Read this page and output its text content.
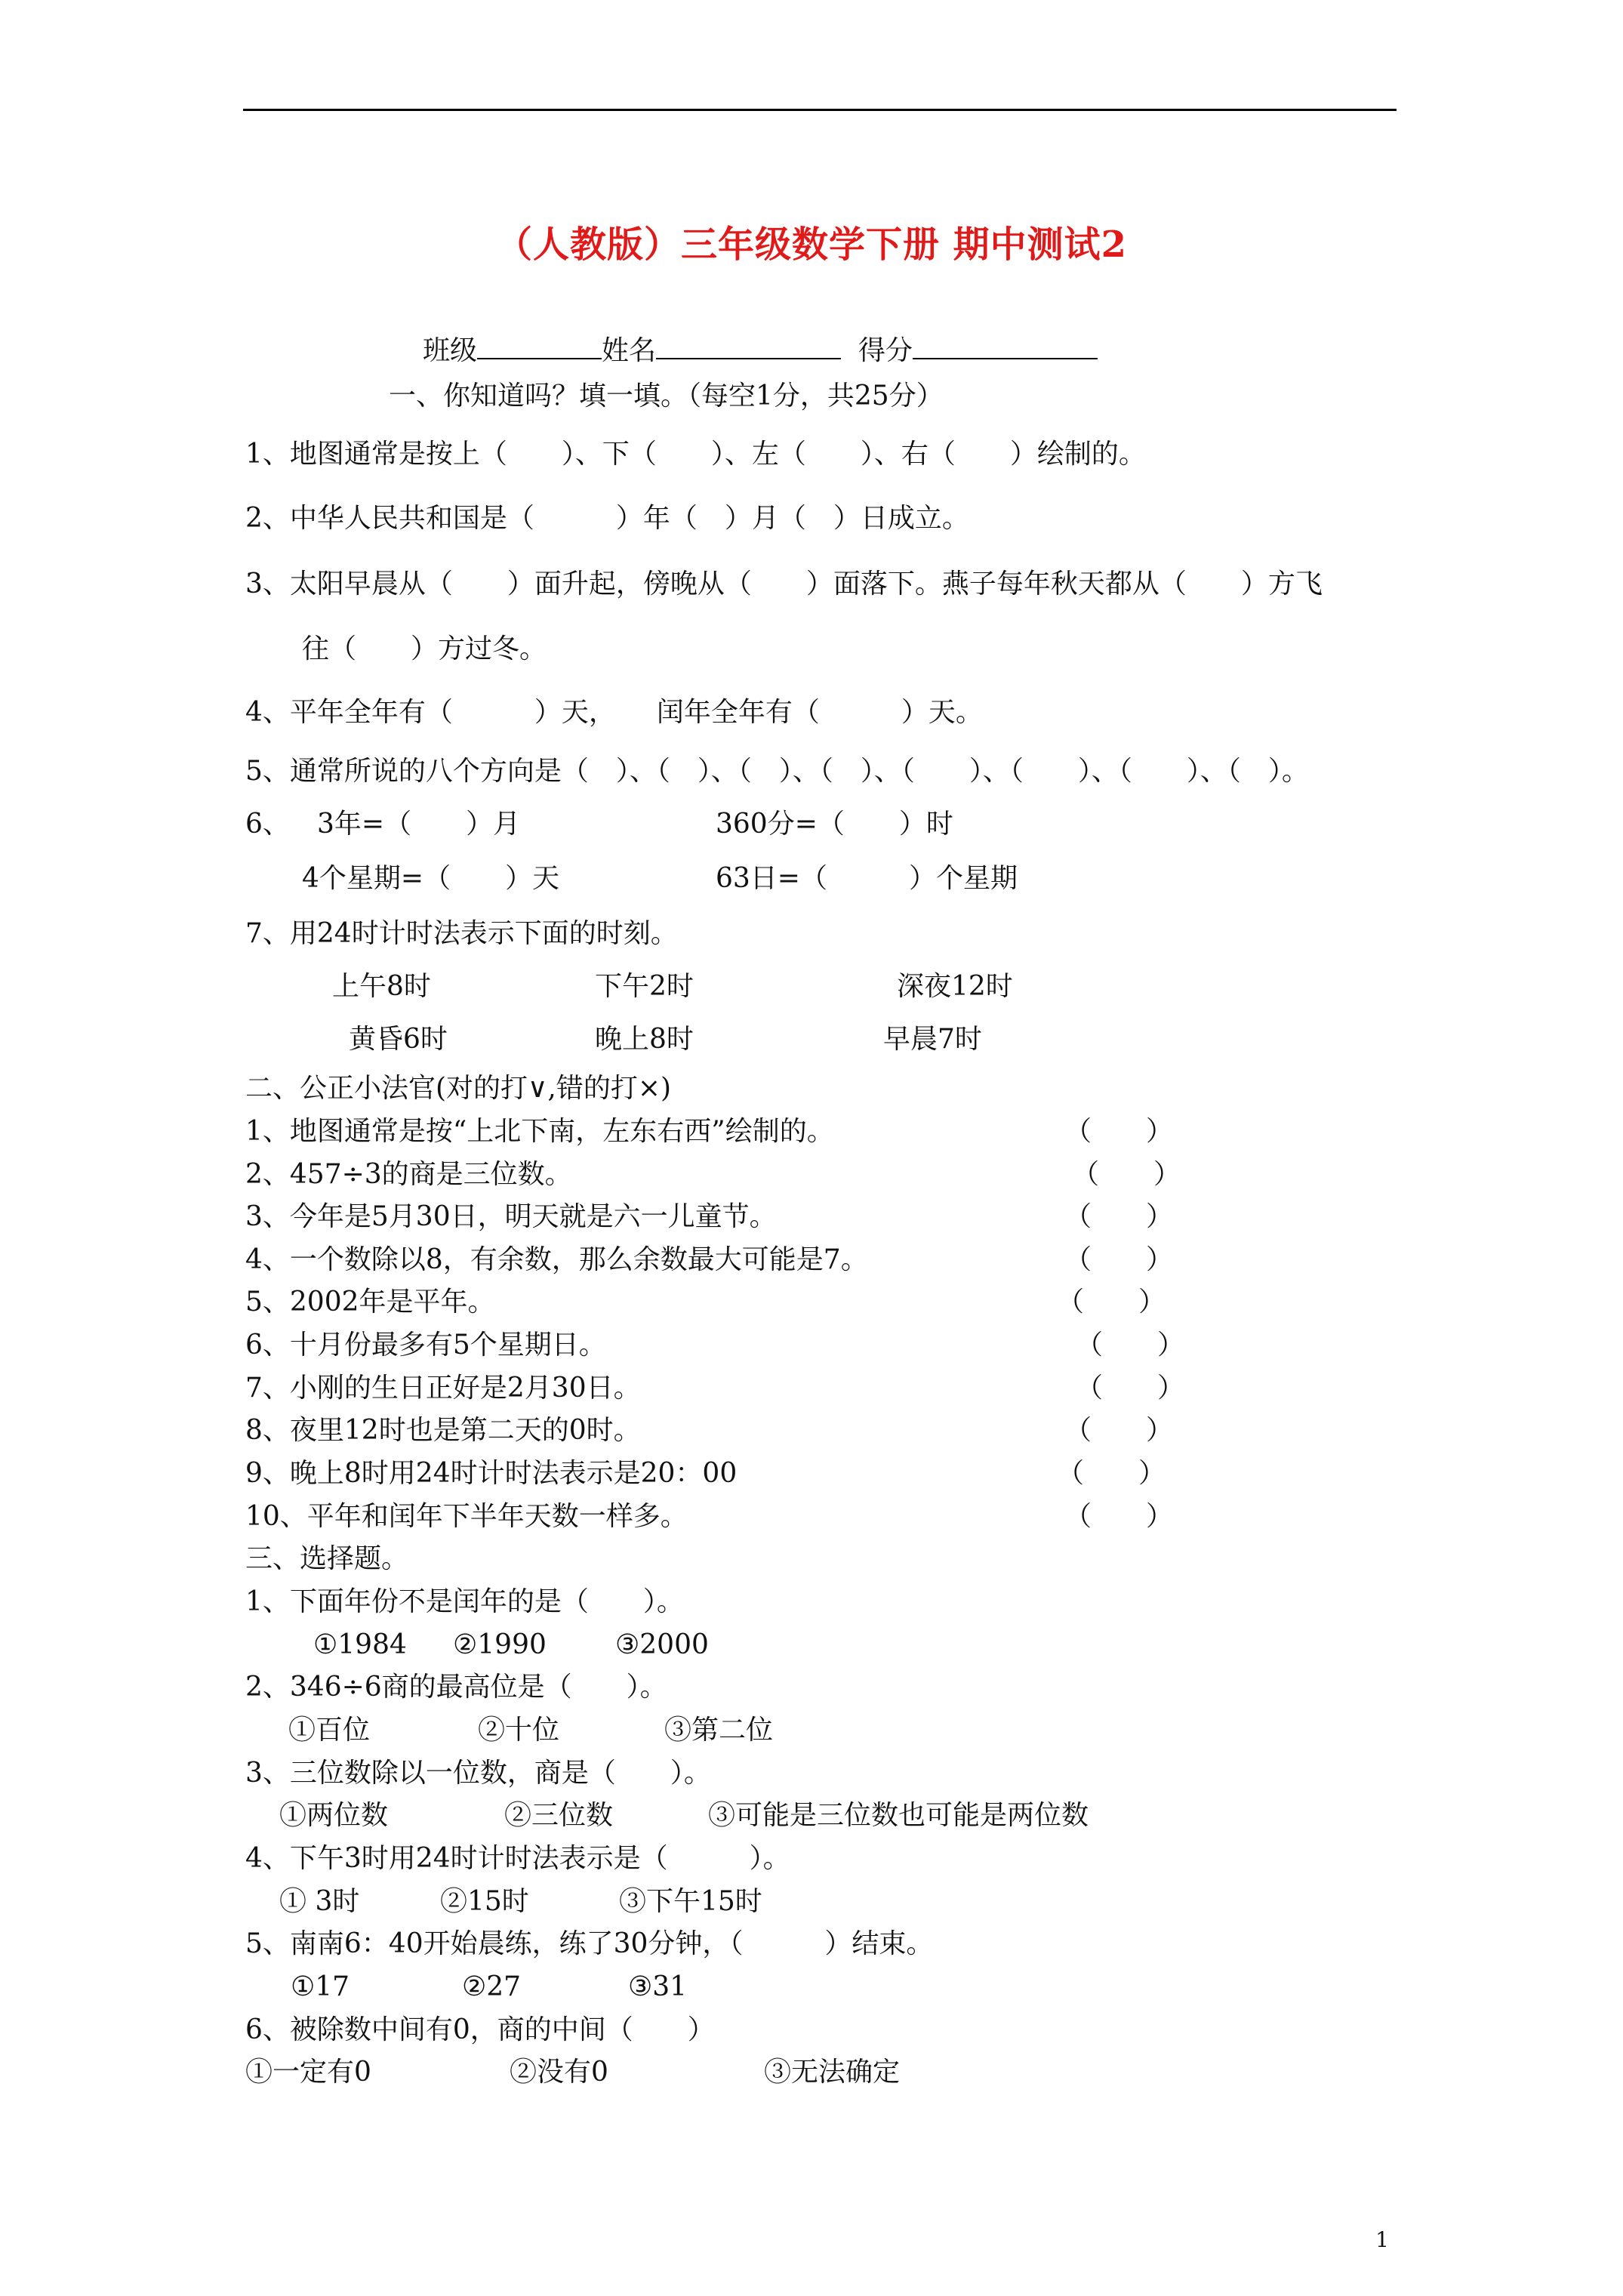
（人教版）三年级数学下册 期中测试2
班级	姓名	得分
一、你知道吗？填一填。（每空1分，共25分）
1、地图通常是按上（　　）、下（　　）、左（　　）、右（　　）绘制的。
2、中华人民共和国是（　　　）年（　）月（　）日成立。
3、太阳早晨从（　　）面升起，傍晚从（　　）面落下。燕子每年秋天都从（　　）方飞
往（　　）方过冬。
4、平年全年有（　　　）天，　　闰年全年有（　　　）天。
5、通常所说的八个方向是（　）、（　）、（　）、（　）、（　　）、（　　）、（　　）、（　）。
6、 3年=（　　）月	360分=（　　）时
4个星期=（　　）天	63日=（　　　）个星期
7、用24时计时法表示下面的时刻。
上午8时	下午2时	深夜12时
黄昏6时	晚上8时	早晨7时
二、公正小法官(对的打∨,错的打×)
1、地图通常是按“上北下南，左东右西”绘制的。	（　　）
2、457÷3的商是三位数。	（　　）
3、今年是5月30日，明天就是六一儿童节。	（　　）
4、一个数除以8，有余数，那么余数最大可能是7。	（　　）
5、2002年是平年。	（　　）
6、十月份最多有5个星期日。	（　　）
7、小刚的生日正好是2月30日。	（　　）
8、夜里12时也是第二天的0时。	（　　）
9、晚上8时用24时计时法表示是20：00	（　　）
10、平年和闰年下半年天数一样多。	（　　）
三、选择题。
1、下面年份不是闰年的是（　　）。
①1984 ②1990	③2000
2、346÷6商的最高位是（　　）。
①百位	②十位	③第二位
3、三位数除以一位数，商是（　　）。
①两位数	②三位数	③可能是三位数也可能是两位数
4、下午3时用24时计时法表示是（　　　）。
① 3时	②15时	③下午15时
5、南南6：40开始晨练，练了30分钟，（　　　）结束。
①17	②27	③31
6、被除数中间有0，商的中间（　　）
①一定有0	②没有0	③无法确定
1
